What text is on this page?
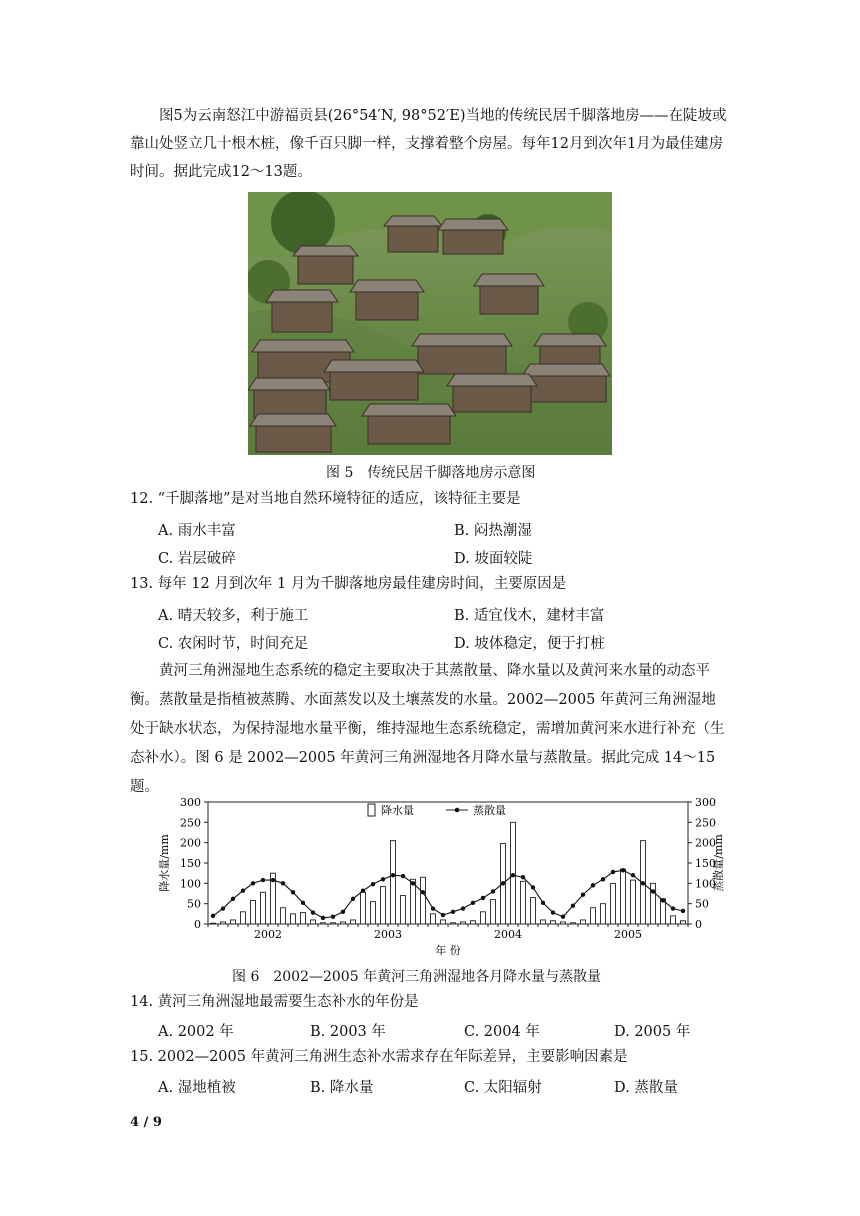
图5为云南怒江中游福贡县(26°54′N, 98°52′E)当地的传统民居千脚落地房——在陡坡或靠山处竖立几十根木桩，像千百只脚一样，支撑着整个房屋。每年12月到次年1月为最佳建房时间。据此完成12～13题。
图 5　传统民居千脚落地房示意图
12. “千脚落地”是对当地自然环境特征的适应，该特征主要是
A. 雨水丰富	B. 闷热潮湿
C. 岩层破碎	D. 坡面较陡
13. 每年 12 月到次年 1 月为千脚落地房最佳建房时间，主要原因是
A. 晴天较多，利于施工	B. 适宜伐木，建材丰富
C. 农闲时节，时间充足	D. 坡体稳定，便于打桩
黄河三角洲湿地生态系统的稳定主要取决于其蒸散量、降水量以及黄河来水量的动态平衡。蒸散量是指植被蒸腾、水面蒸发以及土壤蒸发的水量。2002—2005 年黄河三角洲湿地处于缺水状态，为保持湿地水量平衡，维持湿地生态系统稳定，需增加黄河来水进行补充（生态补水）。图 6 是 2002—2005 年黄河三角洲湿地各月降水量与蒸散量。据此完成 14～15 题。
0	0
50	50
100	100
150	150
200	200
250	250
300	300
2002	2003	2004	2005
年 份
降水量/mm	蒸散量/mm
降水量	蒸散量
图 6　2002—2005 年黄河三角洲湿地各月降水量与蒸散量
14. 黄河三角洲湿地最需要生态补水的年份是
A. 2002 年	B. 2003 年	C. 2004 年	D. 2005 年
15. 2002—2005 年黄河三角洲生态补水需求存在年际差异，主要影响因素是
A. 湿地植被	B. 降水量	C. 太阳辐射	D. 蒸散量
4 / 9
